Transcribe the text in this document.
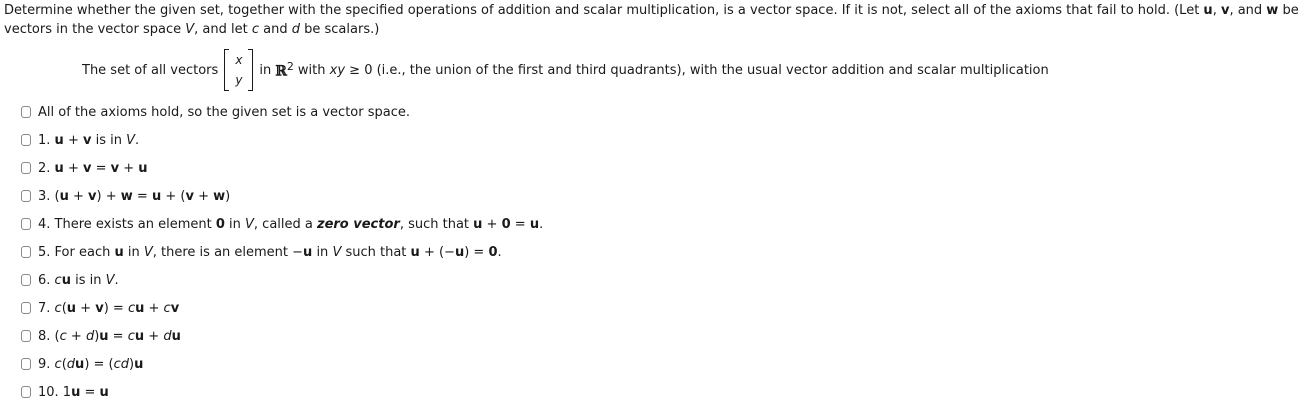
Determine whether the given set, together with the specified operations of addition and scalar multiplication, is a vector space. If it is not, select all of the axioms that fail to hold. (Let u, v, and w be vectors in the vector space V, and let c and d be scalars.)

The set of all vectors
x
y
in ℝ$^2$ with xy ≥ 0 (i.e., the union of the first and third quadrants), with the usual vector addition and scalar multiplication
All of the axioms hold, so the given set is a vector space.
1. u + v is in V.
2. u + v = v + u
3. (u + v) + w = u + (v + w)
4. There exists an element 0 in V, called a zero vector, such that u + 0 = u.
5. For each u in V, there is an element −u in V such that u + (−u) = 0.
6. cu is in V.
7. c(u + v) = cu + cv
8. (c + d)u = cu + du
9. c(du) = (cd)u
10. 1u = u
